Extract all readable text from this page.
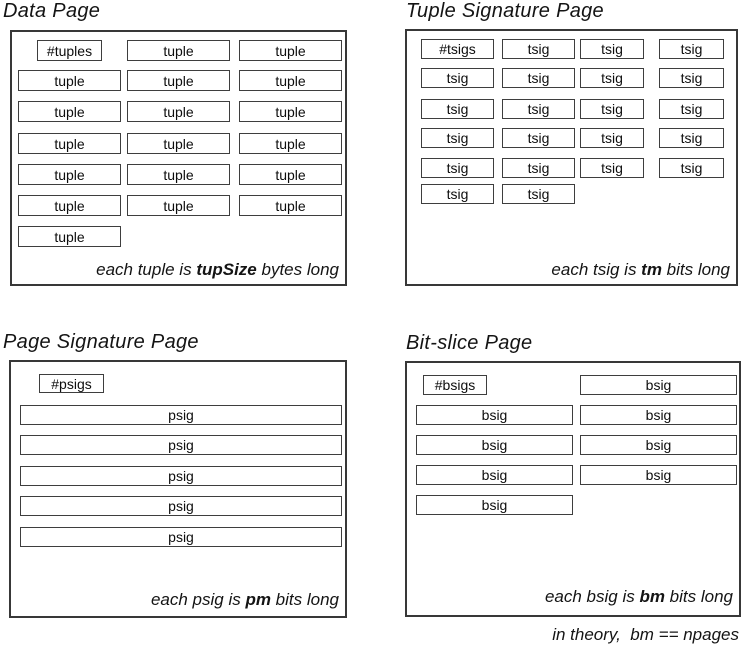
Data Page
each tuple is tupSize bytes long
#tuples	tuple	tuple
tuple	tuple	tuple
tuple	tuple	tuple
tuple	tuple	tuple
tuple	tuple	tuple
tuple	tuple	tuple
tuple
Tuple Signature Page
each tsig is tm bits long
#tsigs	tsig	tsig	tsig
tsig	tsig	tsig	tsig
tsig	tsig	tsig	tsig
tsig	tsig	tsig	tsig
tsig	tsig	tsig	tsig
tsig	tsig
Page Signature Page
each psig is pm bits long
#psigs
psig
psig
psig
psig
psig
Bit-slice Page
each bsig is bm bits long
#bsigs	bsig
bsig	bsig
bsig	bsig
bsig	bsig
bsig
in theory,  bm == npages
